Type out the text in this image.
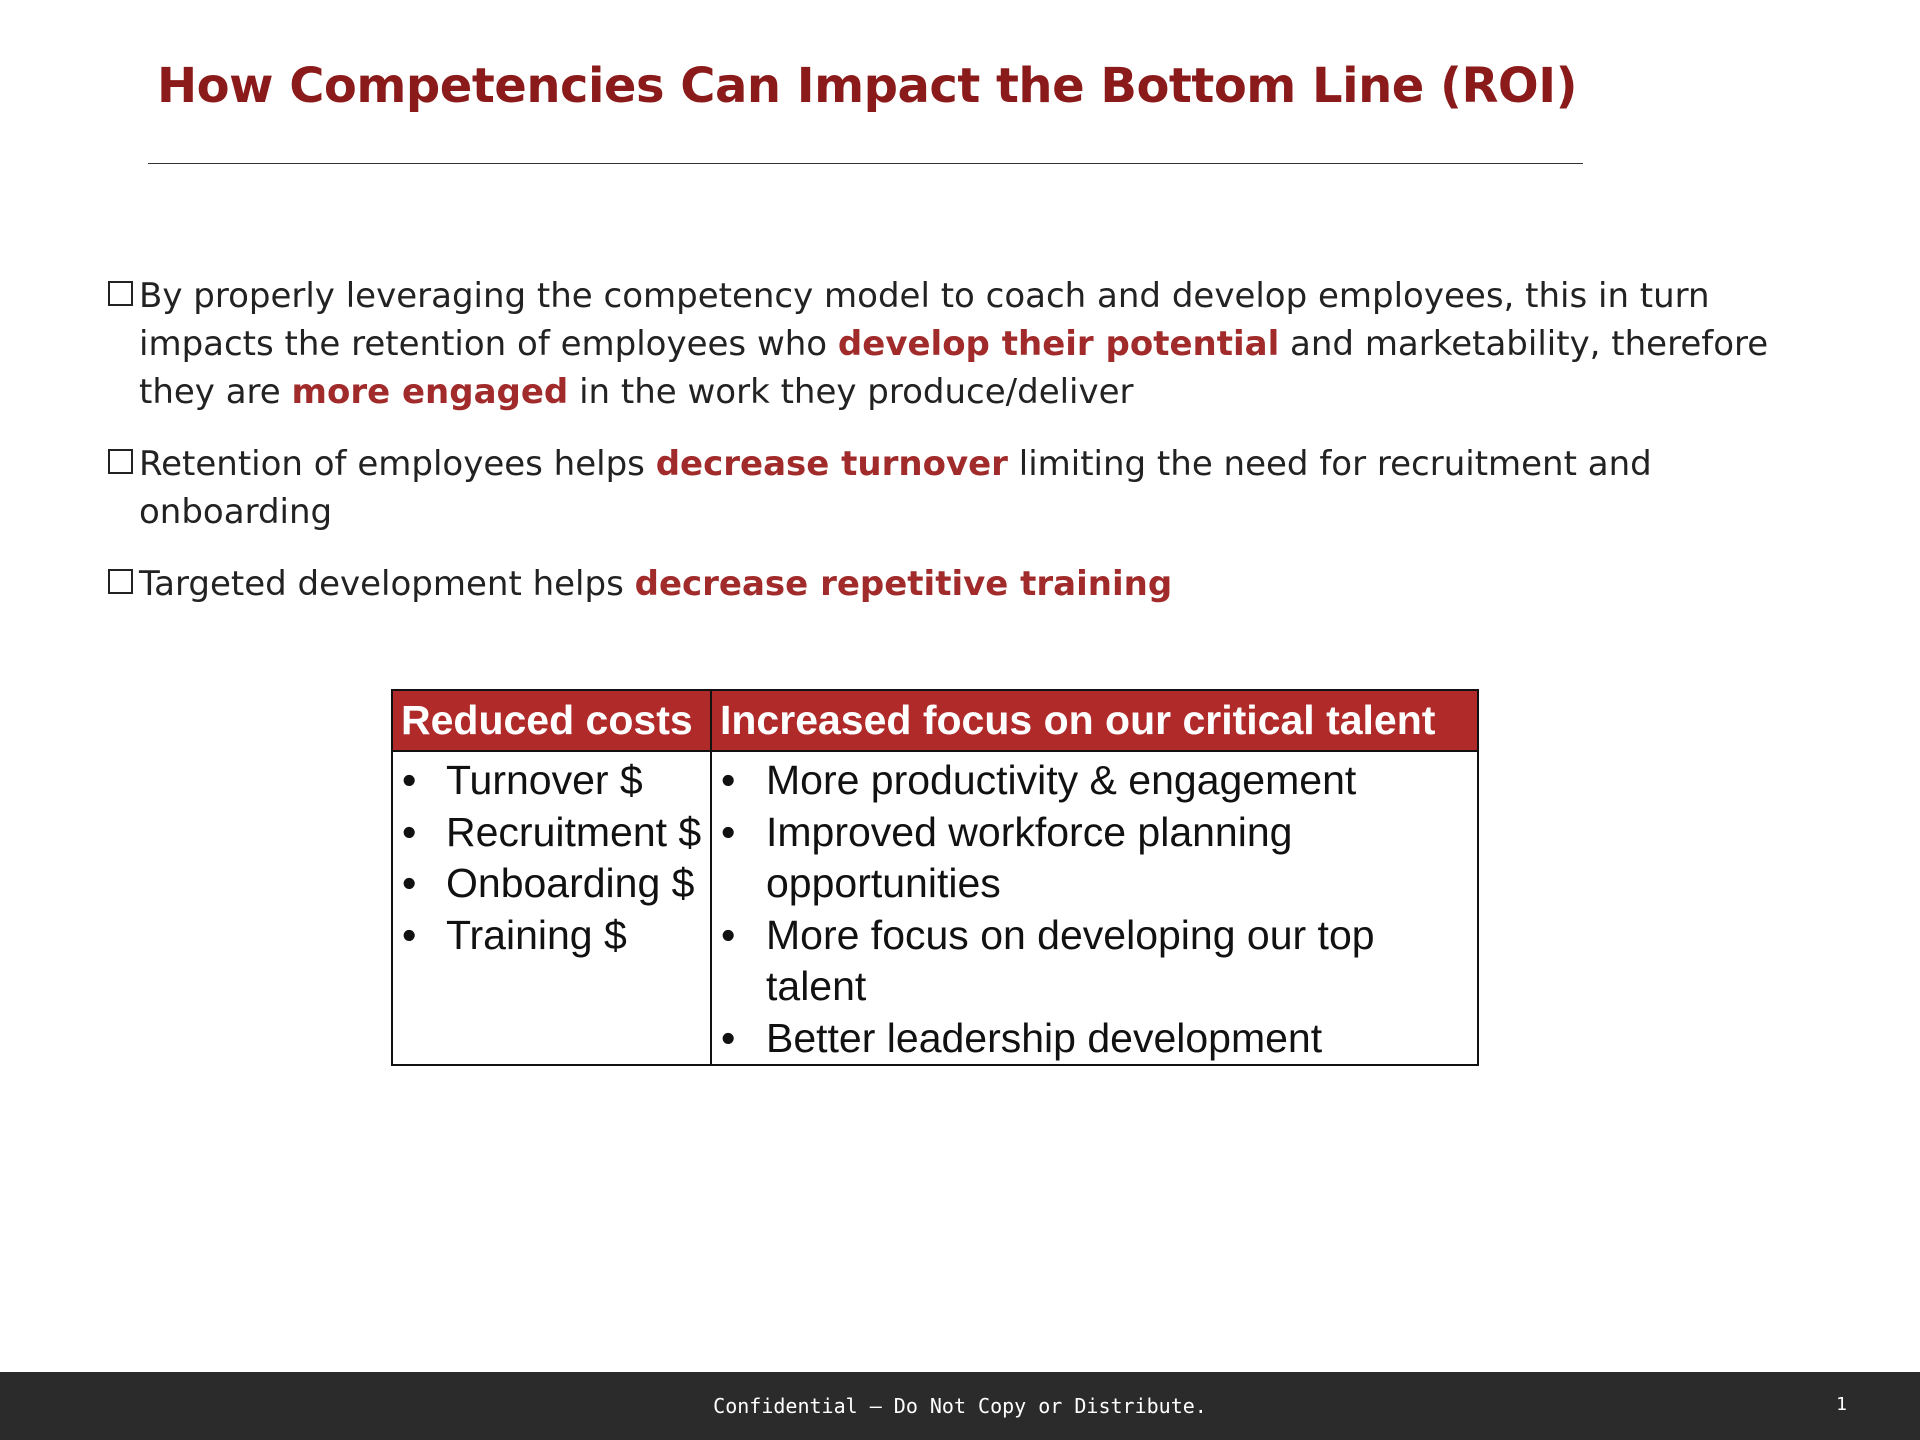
How Competencies Can Impact the Bottom Line (ROI)
By properly leveraging the competency model to coach and develop employees, this in turn impacts the retention of employees who develop their potential and marketability, therefore they are more engaged in the work they produce/deliver
Retention of employees helps decrease turnover limiting the need for recruitment and onboarding
Targeted development helps decrease repetitive training
Reduced costs
• Turnover $
• Recruitment $
• Onboarding $
• Training $
Increased focus on our critical talent
• More productivity & engagement
• Improved workforce planning opportunities
• More focus on developing our top talent
• Better leadership development
Confidential – Do Not Copy or Distribute.	1
